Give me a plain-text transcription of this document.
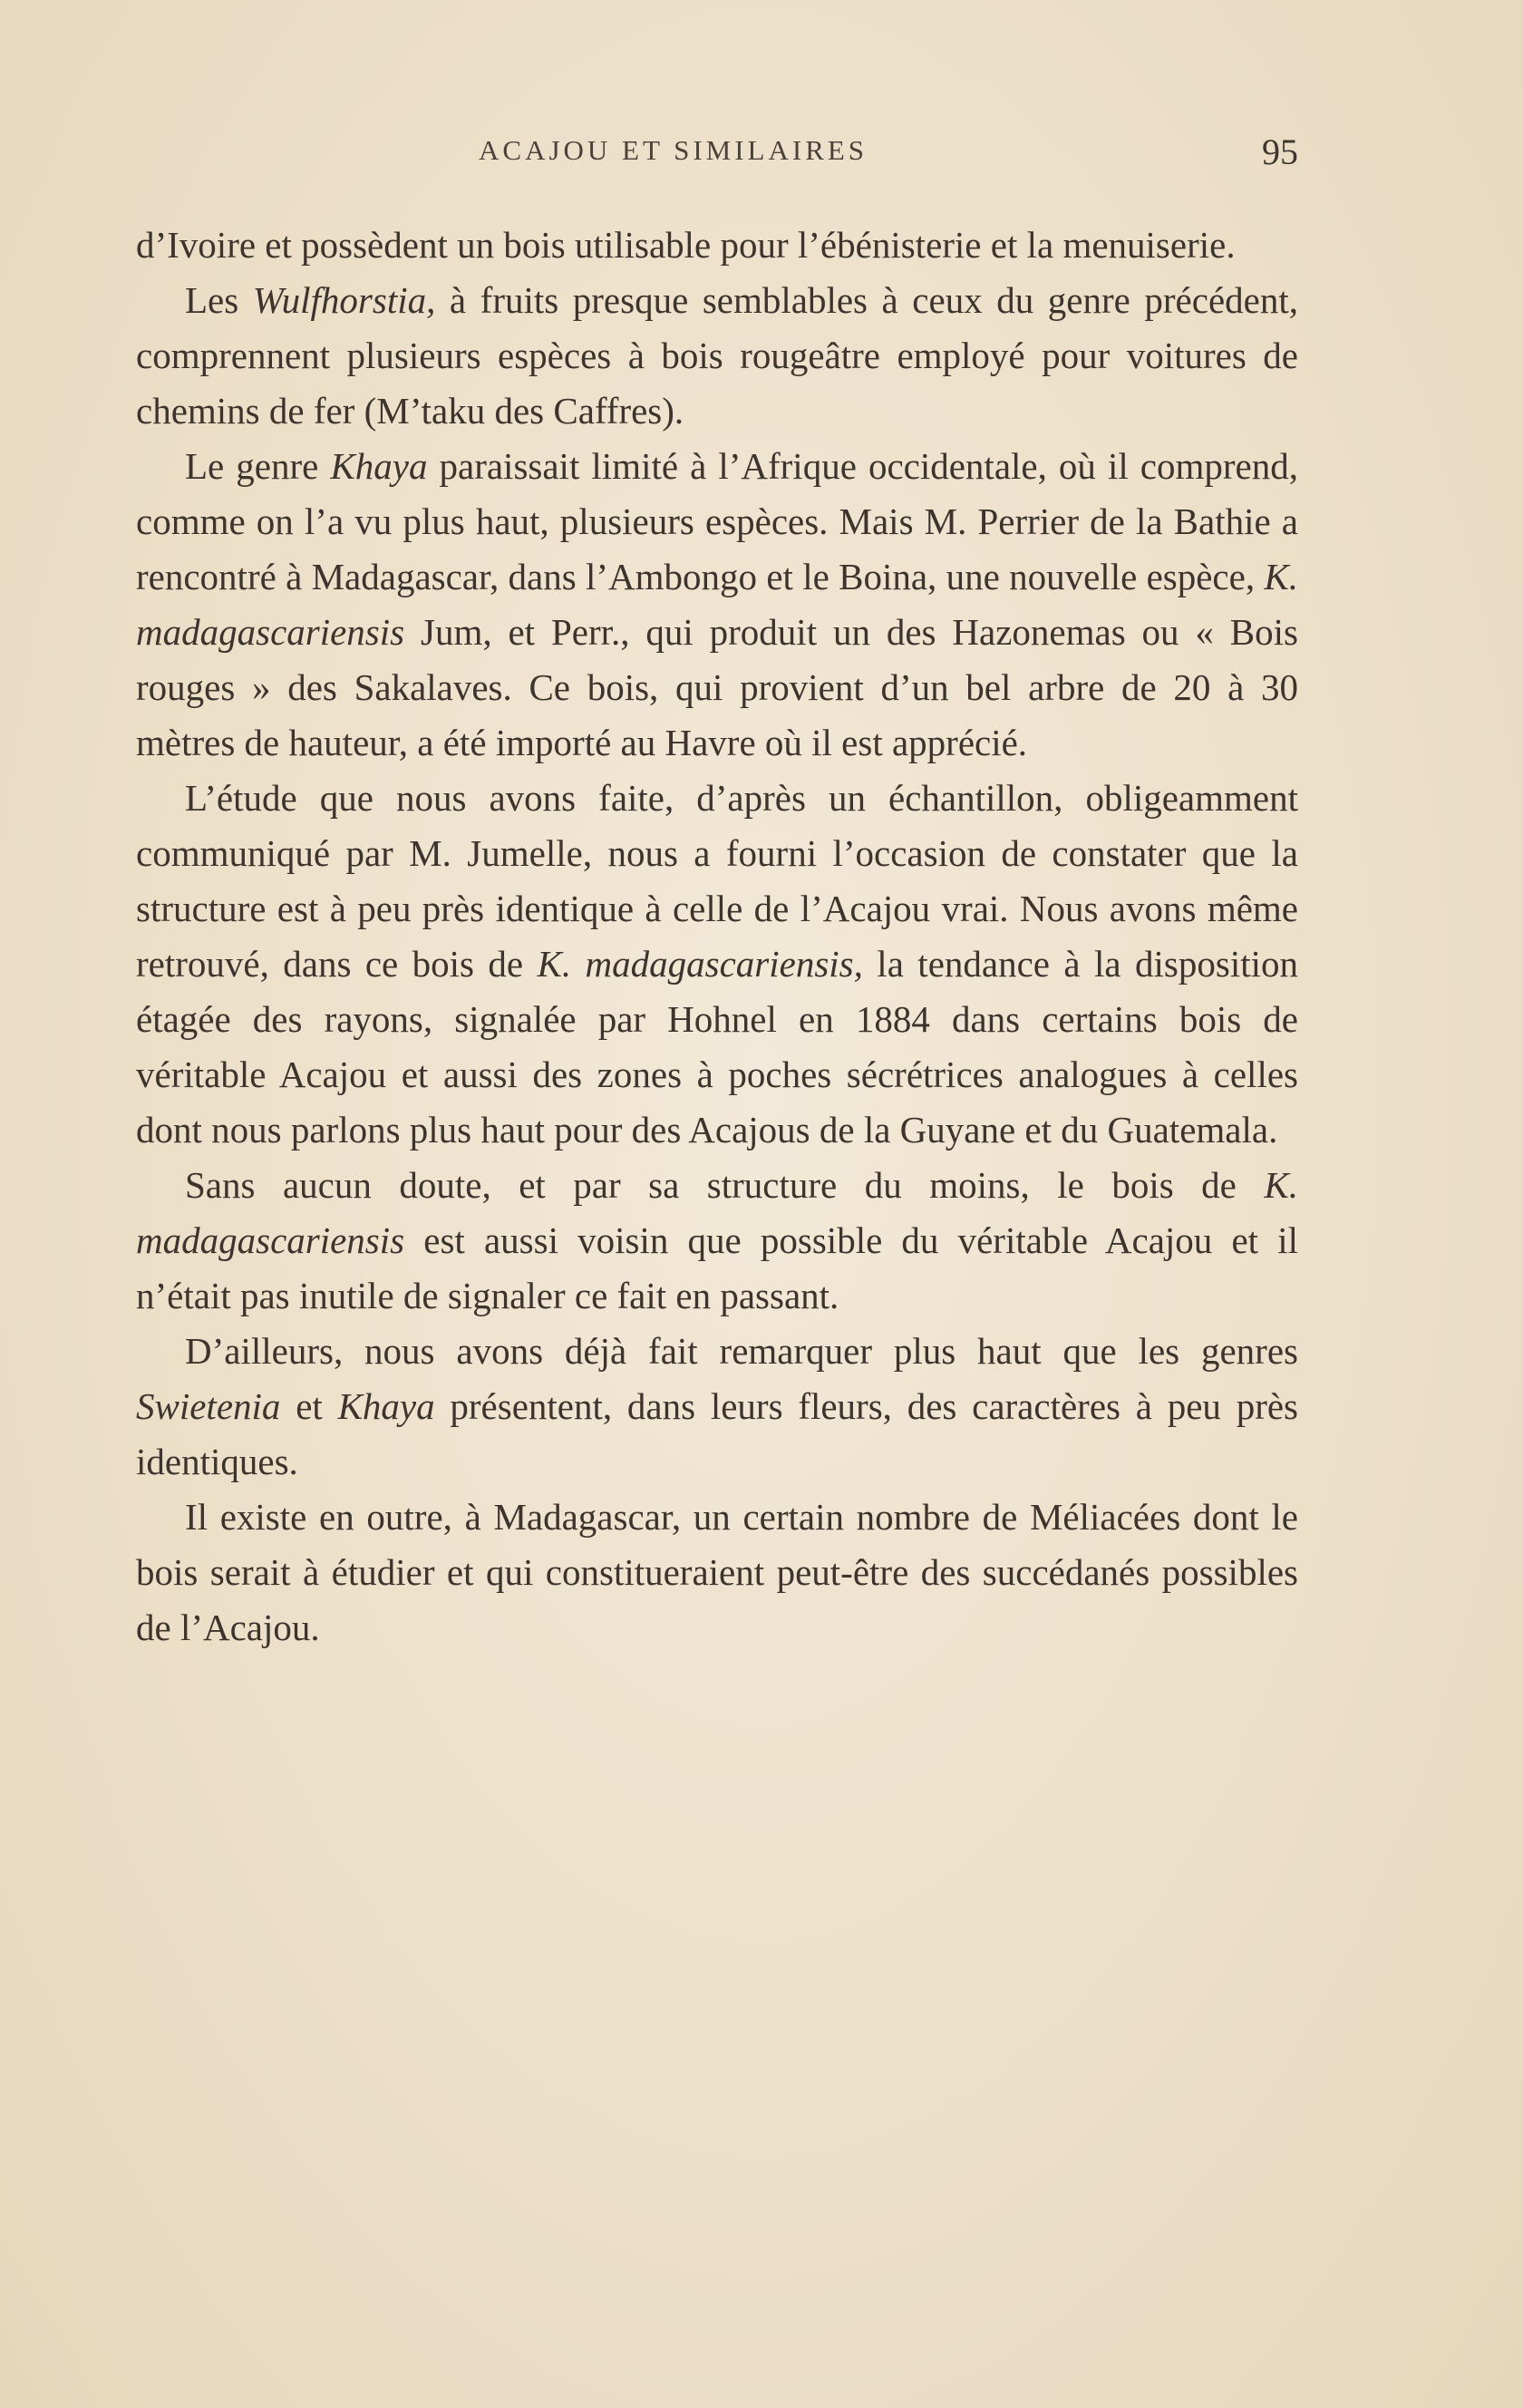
ACAJOU ET SIMILAIRES	95

d’Ivoire et possèdent un bois utilisable pour l’ébénisterie et la menuiserie.

Les Wulfhorstia, à fruits presque semblables à ceux du genre précédent, comprennent plusieurs espèces à bois rougeâtre employé pour voitures de chemins de fer (M’taku des Caffres).

Le genre Khaya paraissait limité à l’Afrique occidentale, où il comprend, comme on l’a vu plus haut, plusieurs espèces. Mais M. Perrier de la Bathie a rencontré à Madagascar, dans l’Ambongo et le Boina, une nouvelle espèce, K. madagascariensis Jum, et Perr., qui produit un des Hazonemas ou « Bois rouges » des Sakalaves. Ce bois, qui provient d’un bel arbre de 20 à 30 mètres de hauteur, a été importé au Havre où il est apprécié.

L’étude que nous avons faite, d’après un échantillon, obligeamment communiqué par M. Jumelle, nous a fourni l’occasion de constater que la structure est à peu près identique à celle de l’Acajou vrai. Nous avons même retrouvé, dans ce bois de K. madagascariensis, la tendance à la disposition étagée des rayons, signalée par Hohnel en 1884 dans certains bois de véritable Acajou et aussi des zones à poches sécrétrices analogues à celles dont nous parlons plus haut pour des Acajous de la Guyane et du Guatemala.

Sans aucun doute, et par sa structure du moins, le bois de K. madagascariensis est aussi voisin que possible du véritable Acajou et il n’était pas inutile de signaler ce fait en passant.

D’ailleurs, nous avons déjà fait remarquer plus haut que les genres Swietenia et Khaya présentent, dans leurs fleurs, des caractères à peu près identiques.

Il existe en outre, à Madagascar, un certain nombre de Méliacées dont le bois serait à étudier et qui constitueraient peut-être des succédanés possibles de l’Acajou.
